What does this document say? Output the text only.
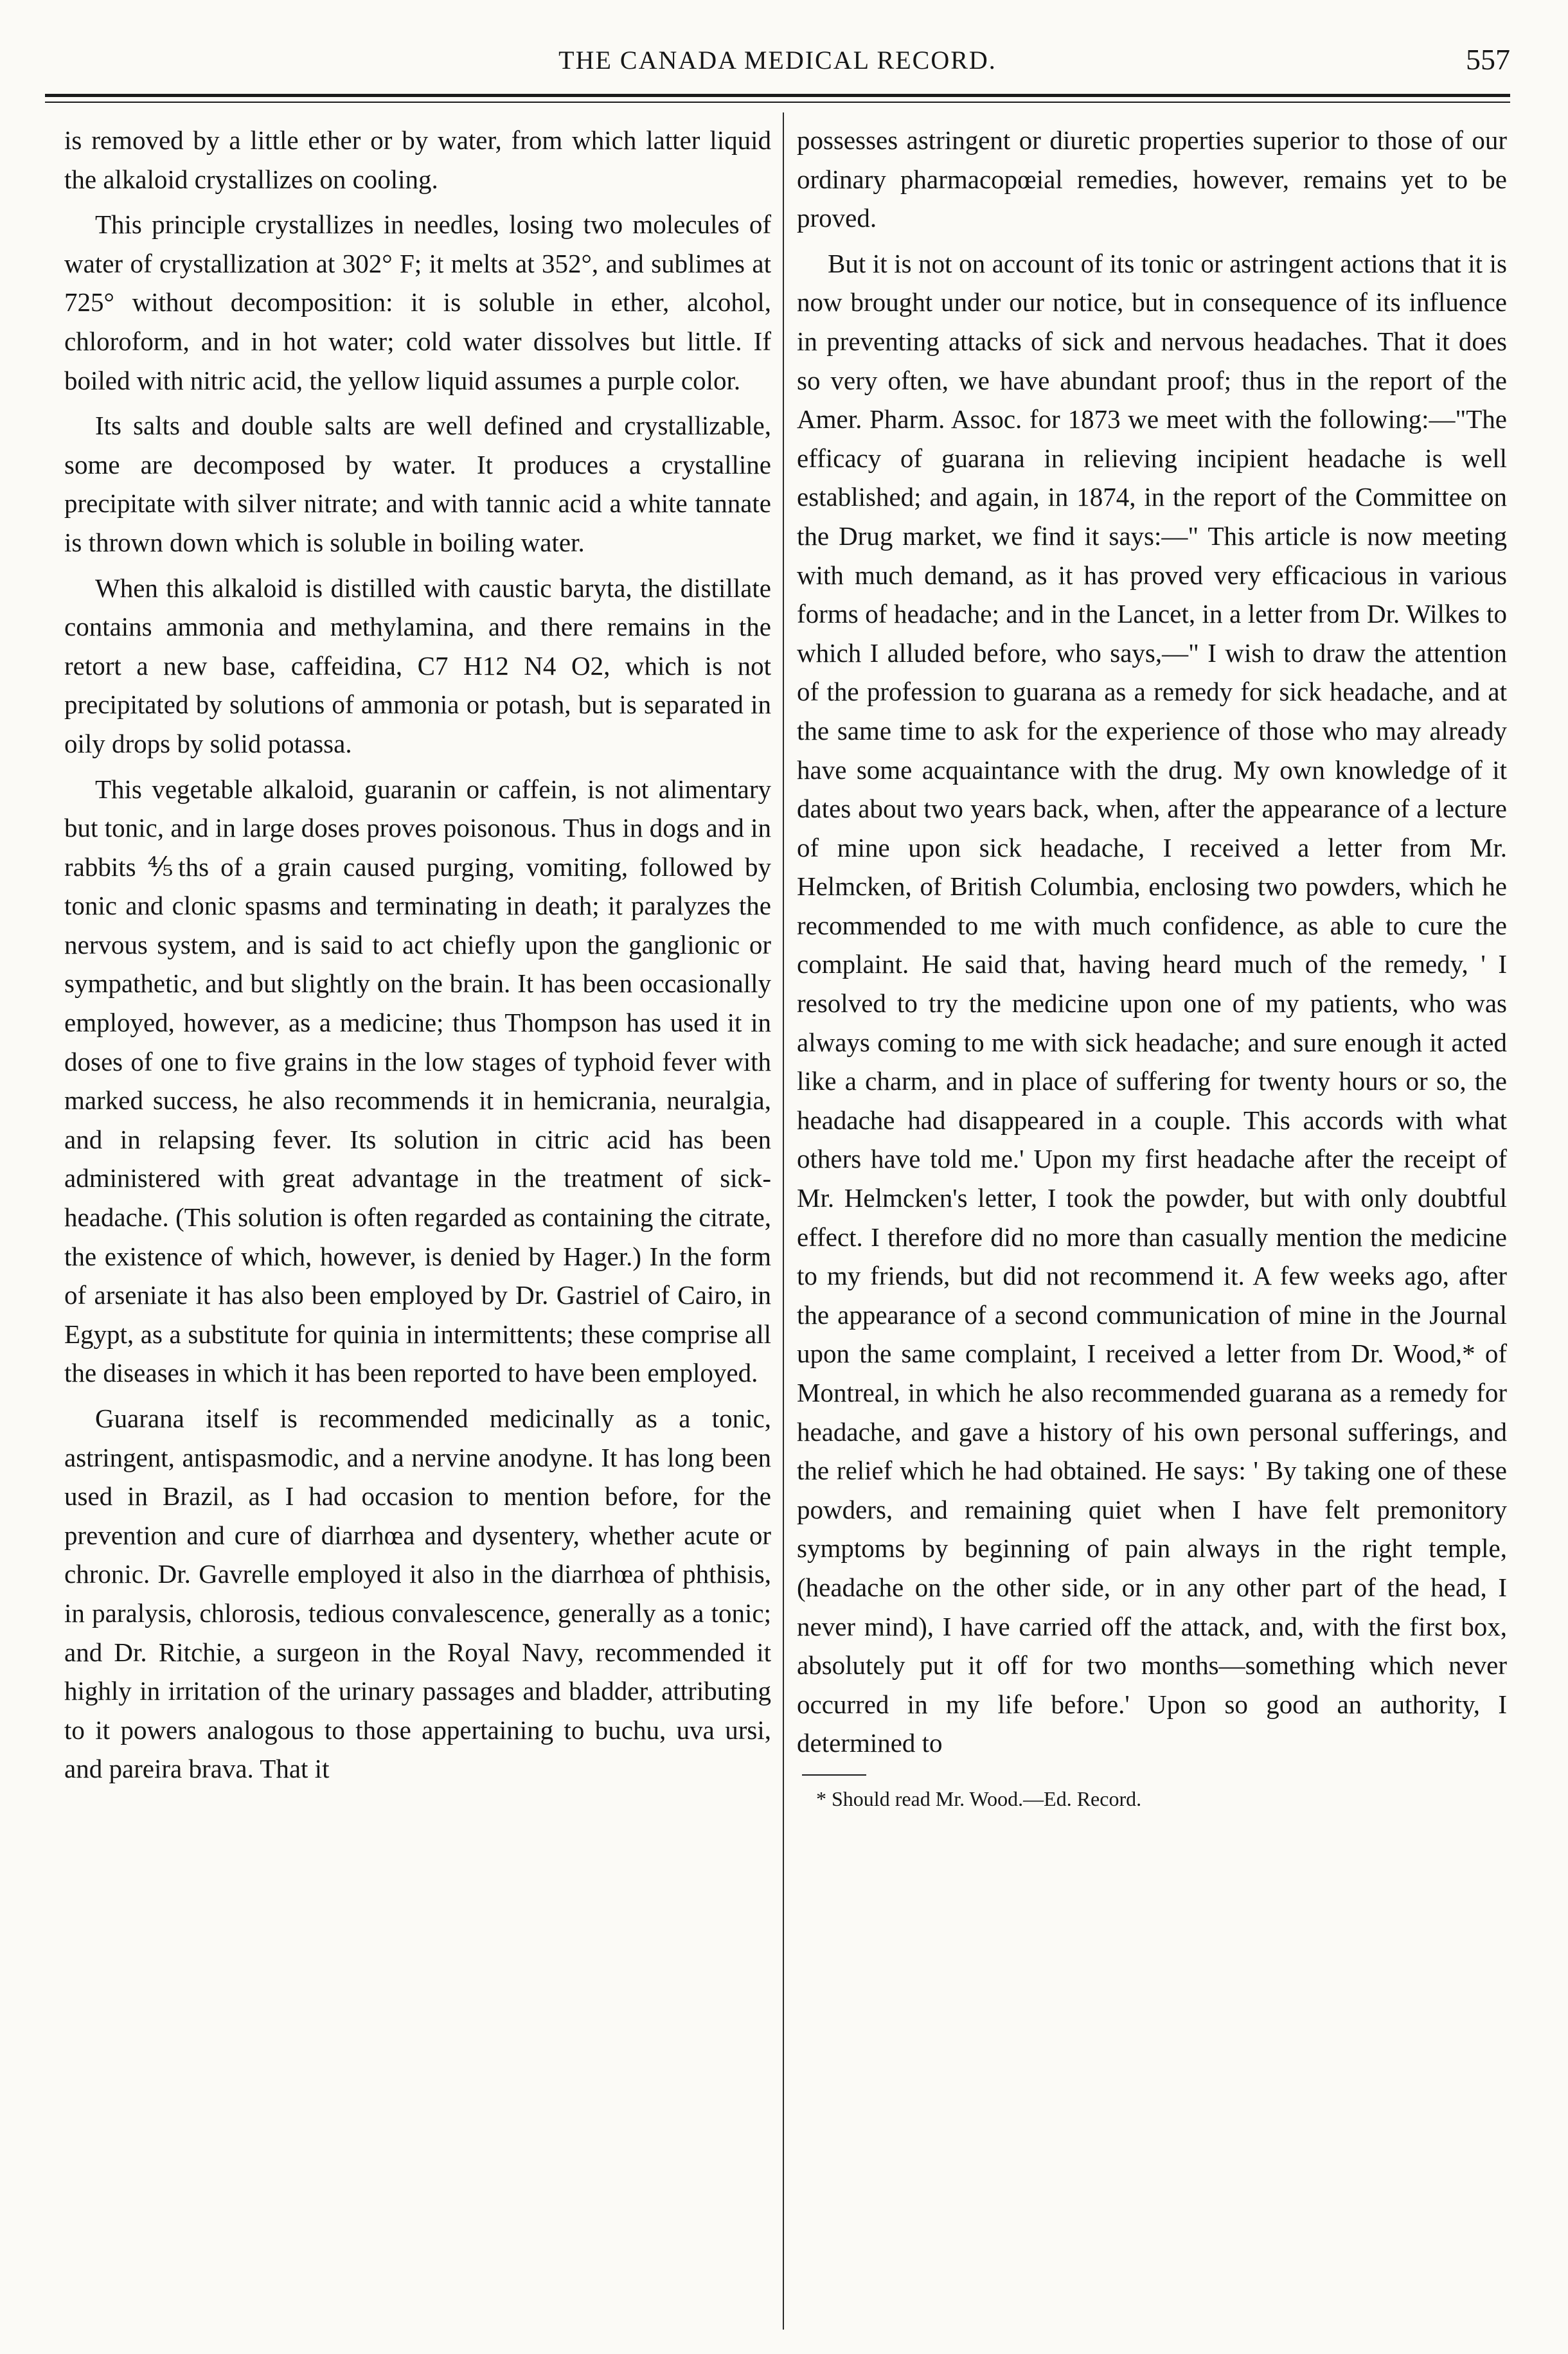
THE CANADA MEDICAL RECORD.	557

is removed by a little ether or by water, from which latter liquid the alkaloid crystallizes on cooling.

This principle crystallizes in needles, losing two molecules of water of crystallization at 302° F; it melts at 352°, and sublimes at 725° without decomposition: it is soluble in ether, alcohol, chloroform, and in hot water; cold water dissolves but little. If boiled with nitric acid, the yellow liquid assumes a purple color.

Its salts and double salts are well defined and crystallizable, some are decomposed by water. It produces a crystalline precipitate with silver nitrate; and with tannic acid a white tannate is thrown down which is soluble in boiling water.

When this alkaloid is distilled with caustic baryta, the distillate contains ammonia and methylamina, and there remains in the retort a new base, caffeidina, C7 H12 N4 O2, which is not precipitated by solutions of ammonia or potash, but is separated in oily drops by solid potassa.

This vegetable alkaloid, guaranin or caffein, is not alimentary but tonic, and in large doses proves poisonous. Thus in dogs and in rabbits ⅘ths of a grain caused purging, vomiting, followed by tonic and clonic spasms and terminating in death; it paralyzes the nervous system, and is said to act chiefly upon the ganglionic or sympathetic, and but slightly on the brain. It has been occasionally employed, however, as a medicine; thus Thompson has used it in doses of one to five grains in the low stages of typhoid fever with marked success, he also recommends it in hemicrania, neuralgia, and in relapsing fever. Its solution in citric acid has been administered with great advantage in the treatment of sick-headache. (This solution is often regarded as containing the citrate, the existence of which, however, is denied by Hager.) In the form of arseniate it has also been employed by Dr. Gastriel of Cairo, in Egypt, as a substitute for quinia in intermittents; these comprise all the diseases in which it has been reported to have been employed.

Guarana itself is recommended medicinally as a tonic, astringent, antispasmodic, and a nervine anodyne. It has long been used in Brazil, as I had occasion to mention before, for the prevention and cure of diarrhœa and dysentery, whether acute or chronic. Dr. Gavrelle employed it also in the diarrhœa of phthisis, in paralysis, chlorosis, tedious convalescence, generally as a tonic; and Dr. Ritchie, a surgeon in the Royal Navy, recommended it highly in irritation of the urinary passages and bladder, attributing to it powers analogous to those appertaining to buchu, uva ursi, and pareira brava. That it

possesses astringent or diuretic properties superior to those of our ordinary pharmacopœial remedies, however, remains yet to be proved.

But it is not on account of its tonic or astringent actions that it is now brought under our notice, but in consequence of its influence in preventing attacks of sick and nervous headaches. That it does so very often, we have abundant proof; thus in the report of the Amer. Pharm. Assoc. for 1873 we meet with the following:—"The efficacy of guarana in relieving incipient headache is well established; and again, in 1874, in the report of the Committee on the Drug market, we find it says:—" This article is now meeting with much demand, as it has proved very efficacious in various forms of headache; and in the Lancet, in a letter from Dr. Wilkes to which I alluded before, who says,—" I wish to draw the attention of the profession to guarana as a remedy for sick headache, and at the same time to ask for the experience of those who may already have some acquaintance with the drug. My own knowledge of it dates about two years back, when, after the appearance of a lecture of mine upon sick headache, I received a letter from Mr. Helmcken, of British Columbia, enclosing two powders, which he recommended to me with much confidence, as able to cure the complaint. He said that, having heard much of the remedy, ' I resolved to try the medicine upon one of my patients, who was always coming to me with sick headache; and sure enough it acted like a charm, and in place of suffering for twenty hours or so, the headache had disappeared in a couple. This accords with what others have told me.' Upon my first headache after the receipt of Mr. Helmcken's letter, I took the powder, but with only doubtful effect. I therefore did no more than casually mention the medicine to my friends, but did not recommend it. A few weeks ago, after the appearance of a second communication of mine in the Journal upon the same complaint, I received a letter from Dr. Wood,* of Montreal, in which he also recommended guarana as a remedy for headache, and gave a history of his own personal sufferings, and the relief which he had obtained. He says: ' By taking one of these powders, and remaining quiet when I have felt premonitory symptoms by beginning of pain always in the right temple, (headache on the other side, or in any other part of the head, I never mind), I have carried off the attack, and, with the first box, absolutely put it off for two months—something which never occurred in my life before.' Upon so good an authority, I determined to

* Should read Mr. Wood.—Ed. Record.
